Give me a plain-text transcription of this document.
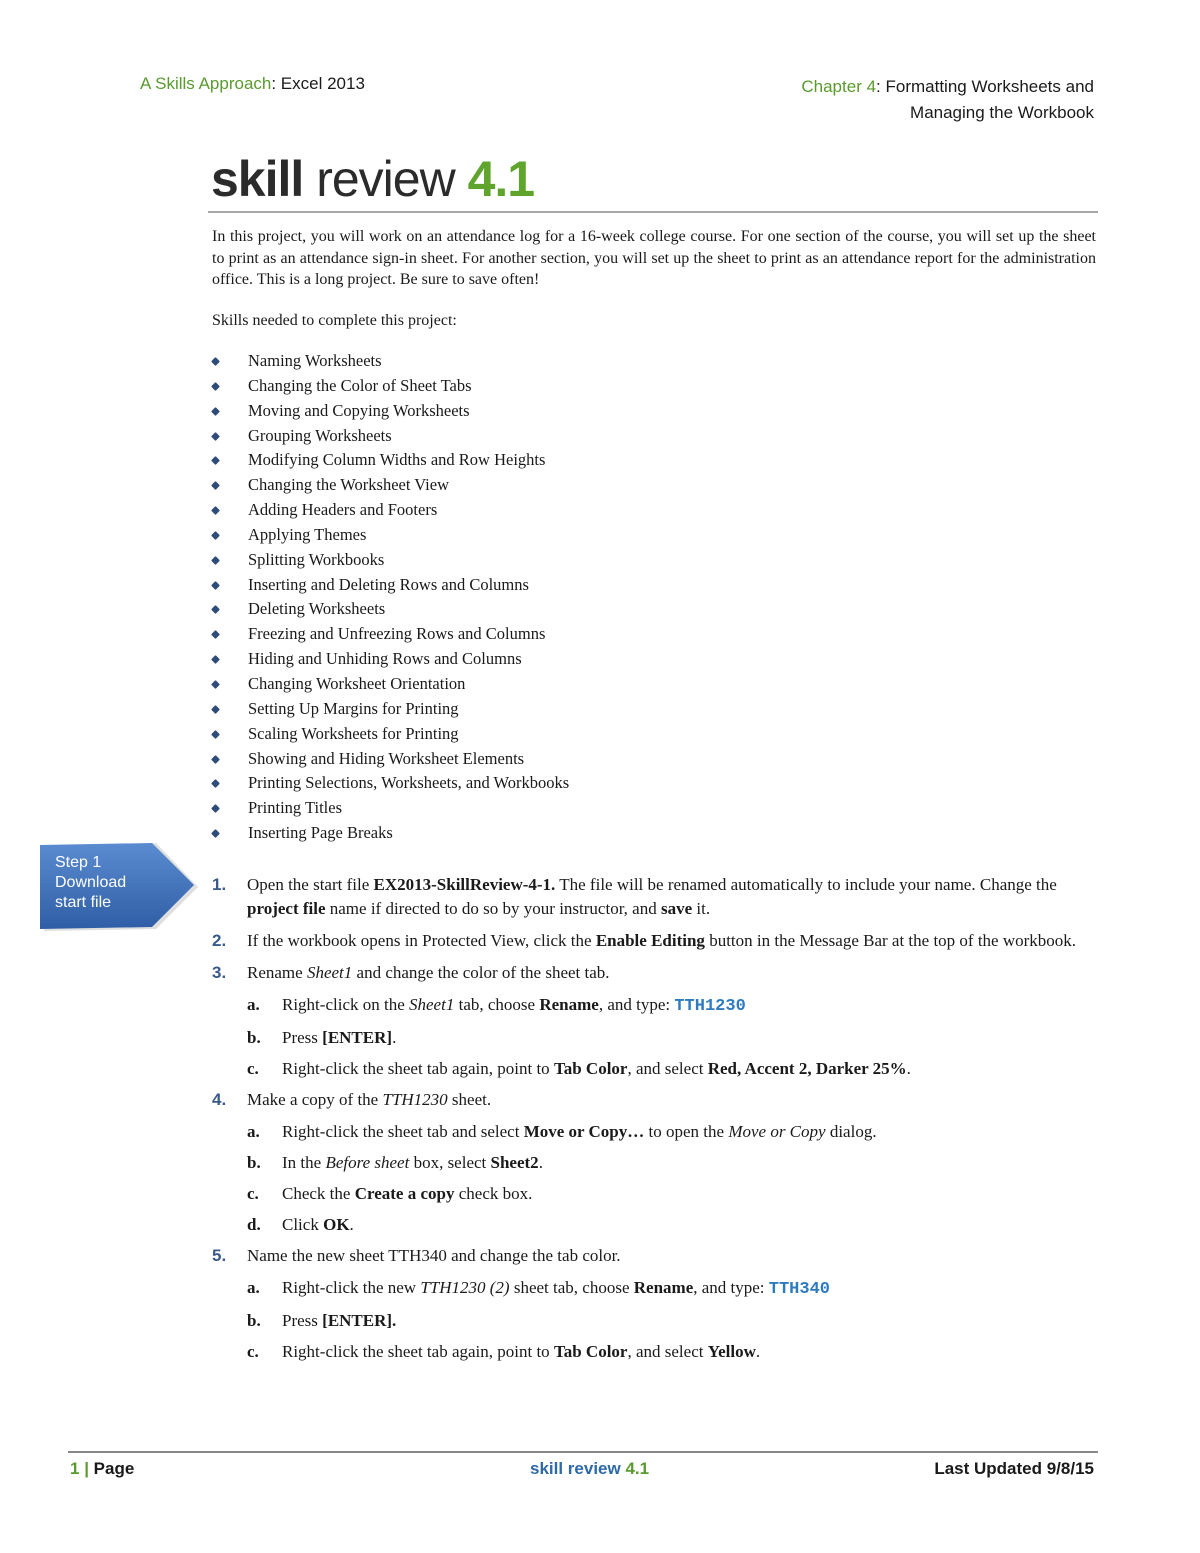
A Skills Approach: Excel 2013	Chapter 4: Formatting Worksheets and
Managing the Workbook
skill review 4.1
In this project, you will work on an attendance log for a 16-week college course. For one section of the course, you will set up the sheet to print as an attendance sign-in sheet. For another section, you will set up the sheet to print as an attendance report for the administration office. This is a long project. Be sure to save often!
Skills needed to complete this project:
Naming Worksheets
Changing the Color of Sheet Tabs
Moving and Copying Worksheets
Grouping Worksheets
Modifying Column Widths and Row Heights
Changing the Worksheet View
Adding Headers and Footers
Applying Themes
Splitting Workbooks
Inserting and Deleting Rows and Columns
Deleting Worksheets
Freezing and Unfreezing Rows and Columns
Hiding and Unhiding Rows and Columns
Changing Worksheet Orientation
Setting Up Margins for Printing
Scaling Worksheets for Printing
Showing and Hiding Worksheet Elements
Printing Selections, Worksheets, and Workbooks
Printing Titles
Inserting Page Breaks
Step 1
Download
start file
1. Open the start file EX2013-SkillReview-4-1. The file will be renamed automatically to include your name. Change the project file name if directed to do so by your instructor, and save it.
2. If the workbook opens in Protected View, click the Enable Editing button in the Message Bar at the top of the workbook.
3. Rename Sheet1 and change the color of the sheet tab.
a. Right-click on the Sheet1 tab, choose Rename, and type: TTH1230
b. Press [ENTER].
c. Right-click the sheet tab again, point to Tab Color, and select Red, Accent 2, Darker 25%.
4. Make a copy of the TTH1230 sheet.
a. Right-click the sheet tab and select Move or Copy… to open the Move or Copy dialog.
b. In the Before sheet box, select Sheet2.
c. Check the Create a copy check box.
d. Click OK.
5. Name the new sheet TTH340 and change the tab color.
a. Right-click the new TTH1230 (2) sheet tab, choose Rename, and type: TTH340
b. Press [ENTER].
c. Right-click the sheet tab again, point to Tab Color, and select Yellow.
1 | Page	skill review 4.1	Last Updated 9/8/15
